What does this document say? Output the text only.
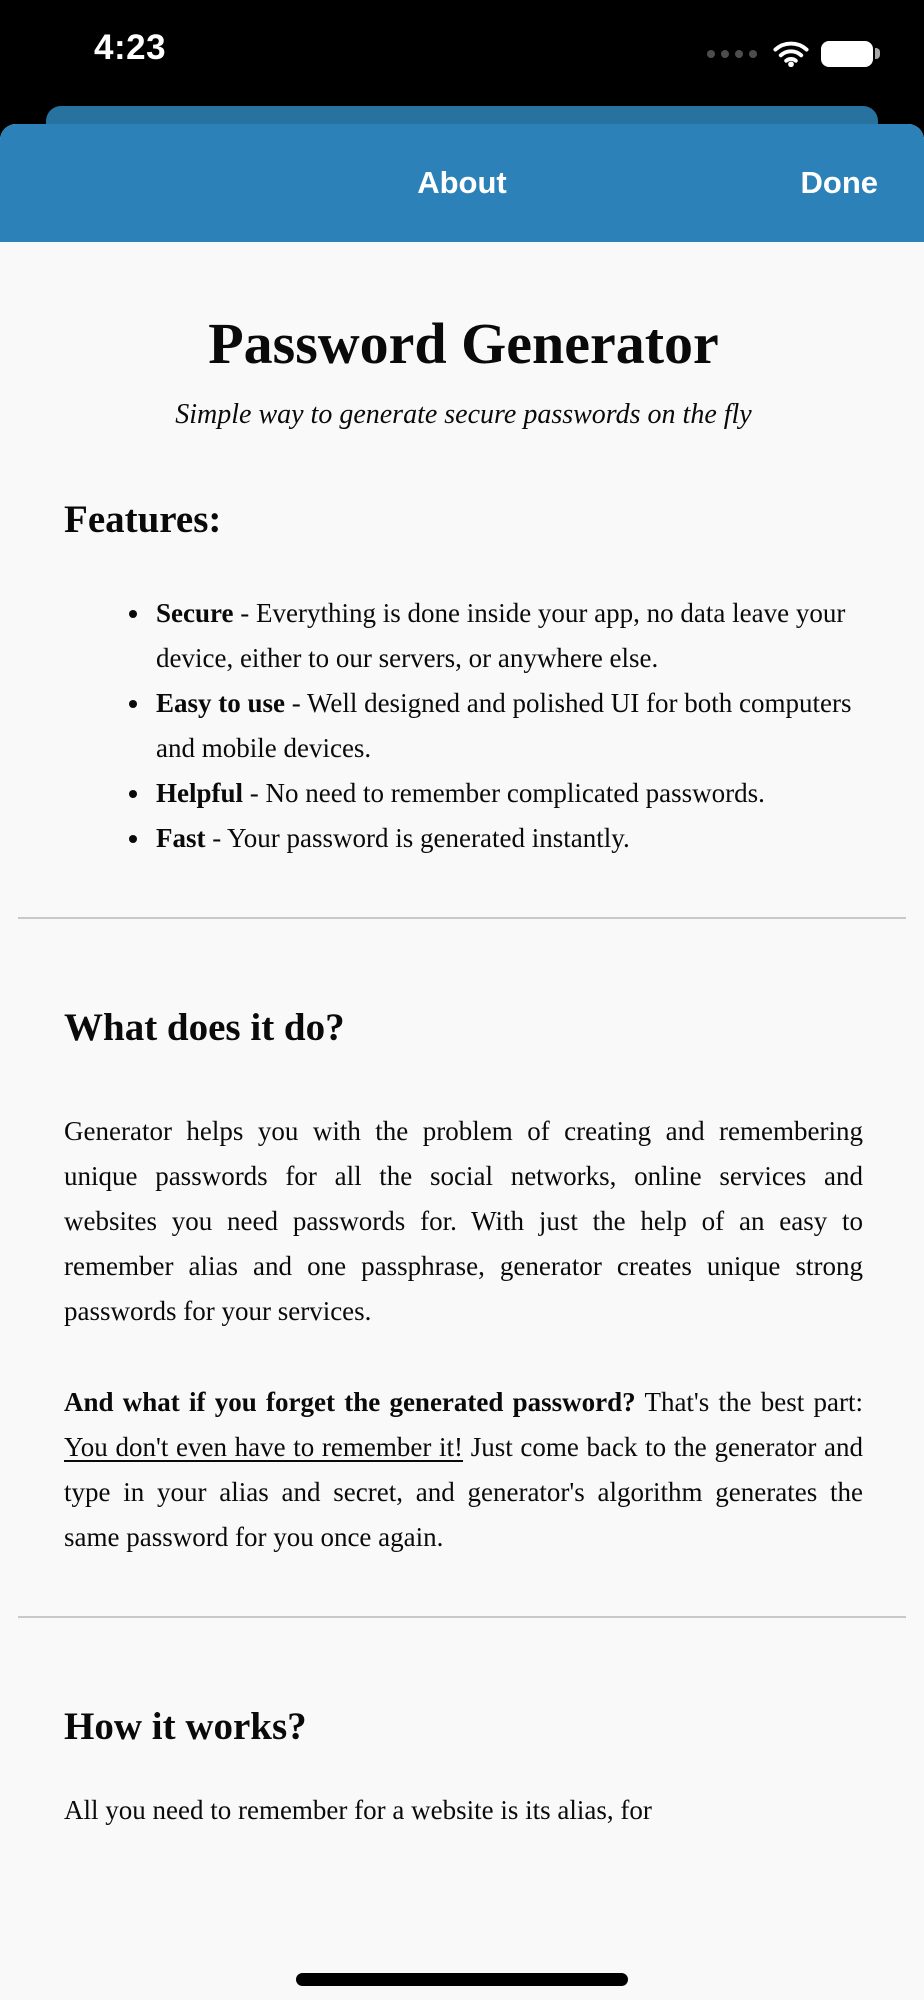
4:23
About	Done
Password Generator

Simple way to generate secure passwords on the fly

Features:
• Secure - Everything is done inside your app, no data leave your device, either to our servers, or anywhere else.
• Easy to use - Well designed and polished UI for both computers and mobile devices.
• Helpful - No need to remember complicated passwords.
• Fast - Your password is generated instantly.
What does it do?

Generator helps you with the problem of creating and remembering unique passwords for all the social networks, online services and websites you need passwords for. With just the help of an easy to remember alias and one passphrase, generator creates unique strong passwords for your services.

And what if you forget the generated password? That's the best part: You don't even have to remember it! Just come back to the generator and type in your alias and secret, and generator's algorithm generates the same password for you once again.

How it works?

All you need to remember for a website is its alias, for
